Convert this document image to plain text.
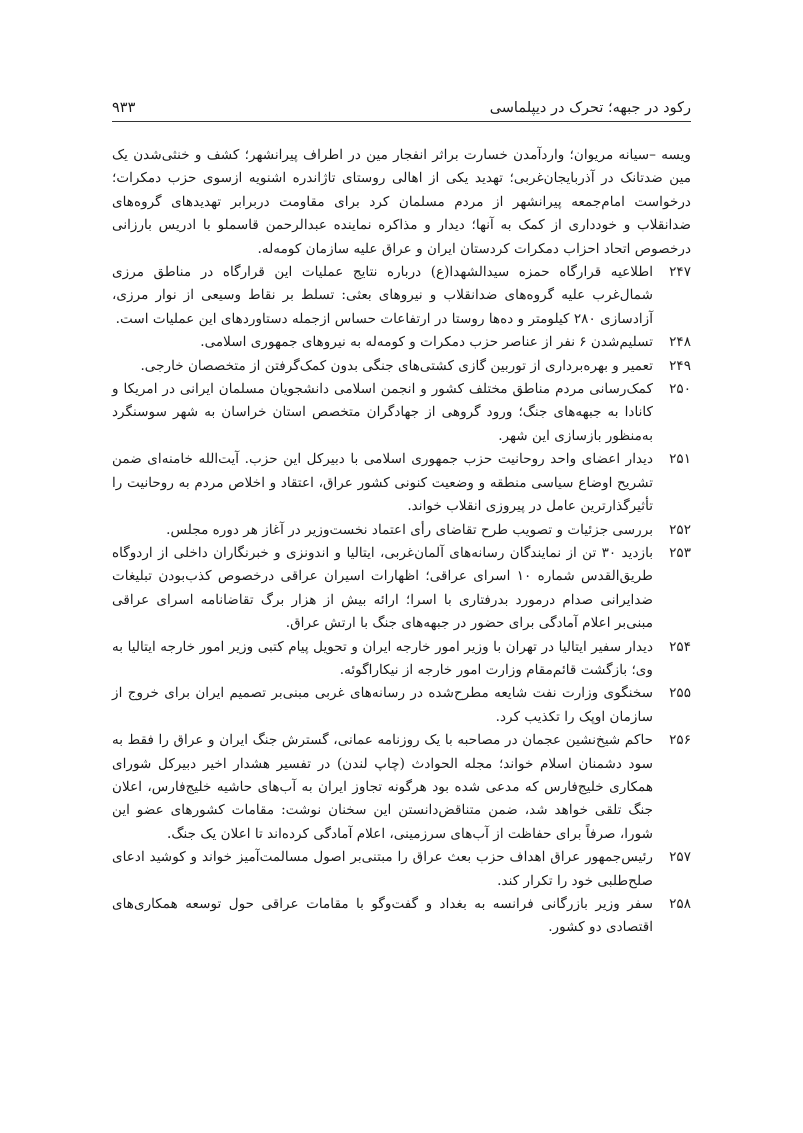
رکود در جبهه؛ تحرک در دیپلماسی
۹۳۳

ویسه –سیانه مریوان؛ واردآمدن خسارت براثر انفجار مین در اطراف پیرانشهر؛ کشف و خنثی‌شدن یک مین ضدتانک در آذربایجان‌غربی؛ تهدید یکی از اهالی روستای تاژاندره اشنویه ازسوی حزب دمکرات؛ درخواست امام‌جمعه پیرانشهر از مردم مسلمان کرد برای مقاومت دربرابر تهدیدهای گروه‌های ضدانقلاب و خودداری از کمک به آنها؛ دیدار و مذاکره نماینده عبدالرحمن قاسملو با ادریس بارزانی درخصوص اتحاد احزاب دمکرات کردستان ایران و عراق علیه سازمان کومه‌له.

۲۴۷
اطلاعیه قرارگاه حمزه سیدالشهدا(ع) درباره نتایج عملیات این قرارگاه در مناطق مرزی شمال‌غرب علیه گروه‌های ضدانقلاب و نیروهای بعثی: تسلط بر نقاط وسیعی از نوار مرزی، آزادسازی ۲۸۰ کیلومتر و ده‌ها روستا در ارتفاعات حساس ازجمله دستاوردهای این عملیات است.
۲۴۸
تسلیم‌شدن ۶ نفر از عناصر حزب دمکرات و کومه‌له به نیروهای جمهوری اسلامی.
۲۴۹
تعمیر و بهره‌برداری از توربین گازی کشتی‌های جنگی بدون کمک‌گرفتن از متخصصان خارجی.
۲۵۰
کمک‌رسانی مردم مناطق مختلف کشور و انجمن اسلامی دانشجویان مسلمان ایرانی در امریکا و کانادا به جبهه‌های جنگ؛ ورود گروهی از جهادگران متخصص استان خراسان به شهر سوسنگرد به‌منظور بازسازی این شهر.
۲۵۱
دیدار اعضای واحد روحانیت حزب جمهوری اسلامی با دبیرکل این حزب. آیت‌الله خامنه‌ای ضمن تشریح اوضاع سیاسی منطقه و وضعیت کنونی کشور عراق، اعتقاد و اخلاص مردم به روحانیت را تأثیرگذارترین عامل در پیروزی انقلاب خواند.
۲۵۲
بررسی جزئیات و تصویب طرح تقاضای رأی اعتماد نخست‌وزیر در آغاز هر دوره مجلس.
۲۵۳
بازدید ۳۰ تن از نمایندگان رسانه‌های آلمان‌غربی، ایتالیا و اندونزی و خبرنگاران داخلی از اردوگاه طریق‌القدس شماره ۱۰ اسرای عراقی؛ اظهارات اسیران عراقی درخصوص کذب‌بودن تبلیغات ضدایرانی صدام درمورد بدرفتاری با اسرا؛ ارائه بیش از هزار برگ تقاضانامه اسرای عراقی مبنی‌بر اعلام آمادگی برای حضور در جبهه‌های جنگ با ارتش عراق.
۲۵۴
دیدار سفیر ایتالیا در تهران با وزیر امور خارجه ایران و تحویل پیام کتبی وزیر امور خارجه ایتالیا به وی؛ بازگشت قائم‌مقام وزارت امور خارجه از نیکاراگوئه.
۲۵۵
سخنگوی وزارت نفت شایعه مطرح‌شده در رسانه‌های غربی مبنی‌بر تصمیم ایران برای خروج از سازمان اوپک را تکذیب کرد.
۲۵۶
حاکم شیخ‌نشین عجمان در مصاحبه با یک روزنامه عمانی، گسترش جنگ ایران و عراق را فقط به سود دشمنان اسلام خواند؛ مجله الحوادث (چاپ لندن) در تفسیر هشدار اخیر دبیرکل شورای همکاری خلیج‌فارس که مدعی شده بود هرگونه تجاوز ایران به آب‌های حاشیه خلیج‌فارس، اعلان جنگ تلقی خواهد شد، ضمن متناقض‌دانستن این سخنان نوشت: مقامات کشورهای عضو این شورا، صرفاً برای حفاظت از آب‌های سرزمینی، اعلام آمادگی کرده‌اند تا اعلان یک جنگ.
۲۵۷
رئیس‌جمهور عراق اهداف حزب بعث عراق را مبتنی‌بر اصول مسالمت‌آمیز خواند و کوشید ادعای صلح‌طلبی خود را تکرار کند.
۲۵۸
سفر وزیر بازرگانی فرانسه به بغداد و گفت‌وگو با مقامات عراقی حول توسعه همکاری‌های اقتصادی دو کشور.
